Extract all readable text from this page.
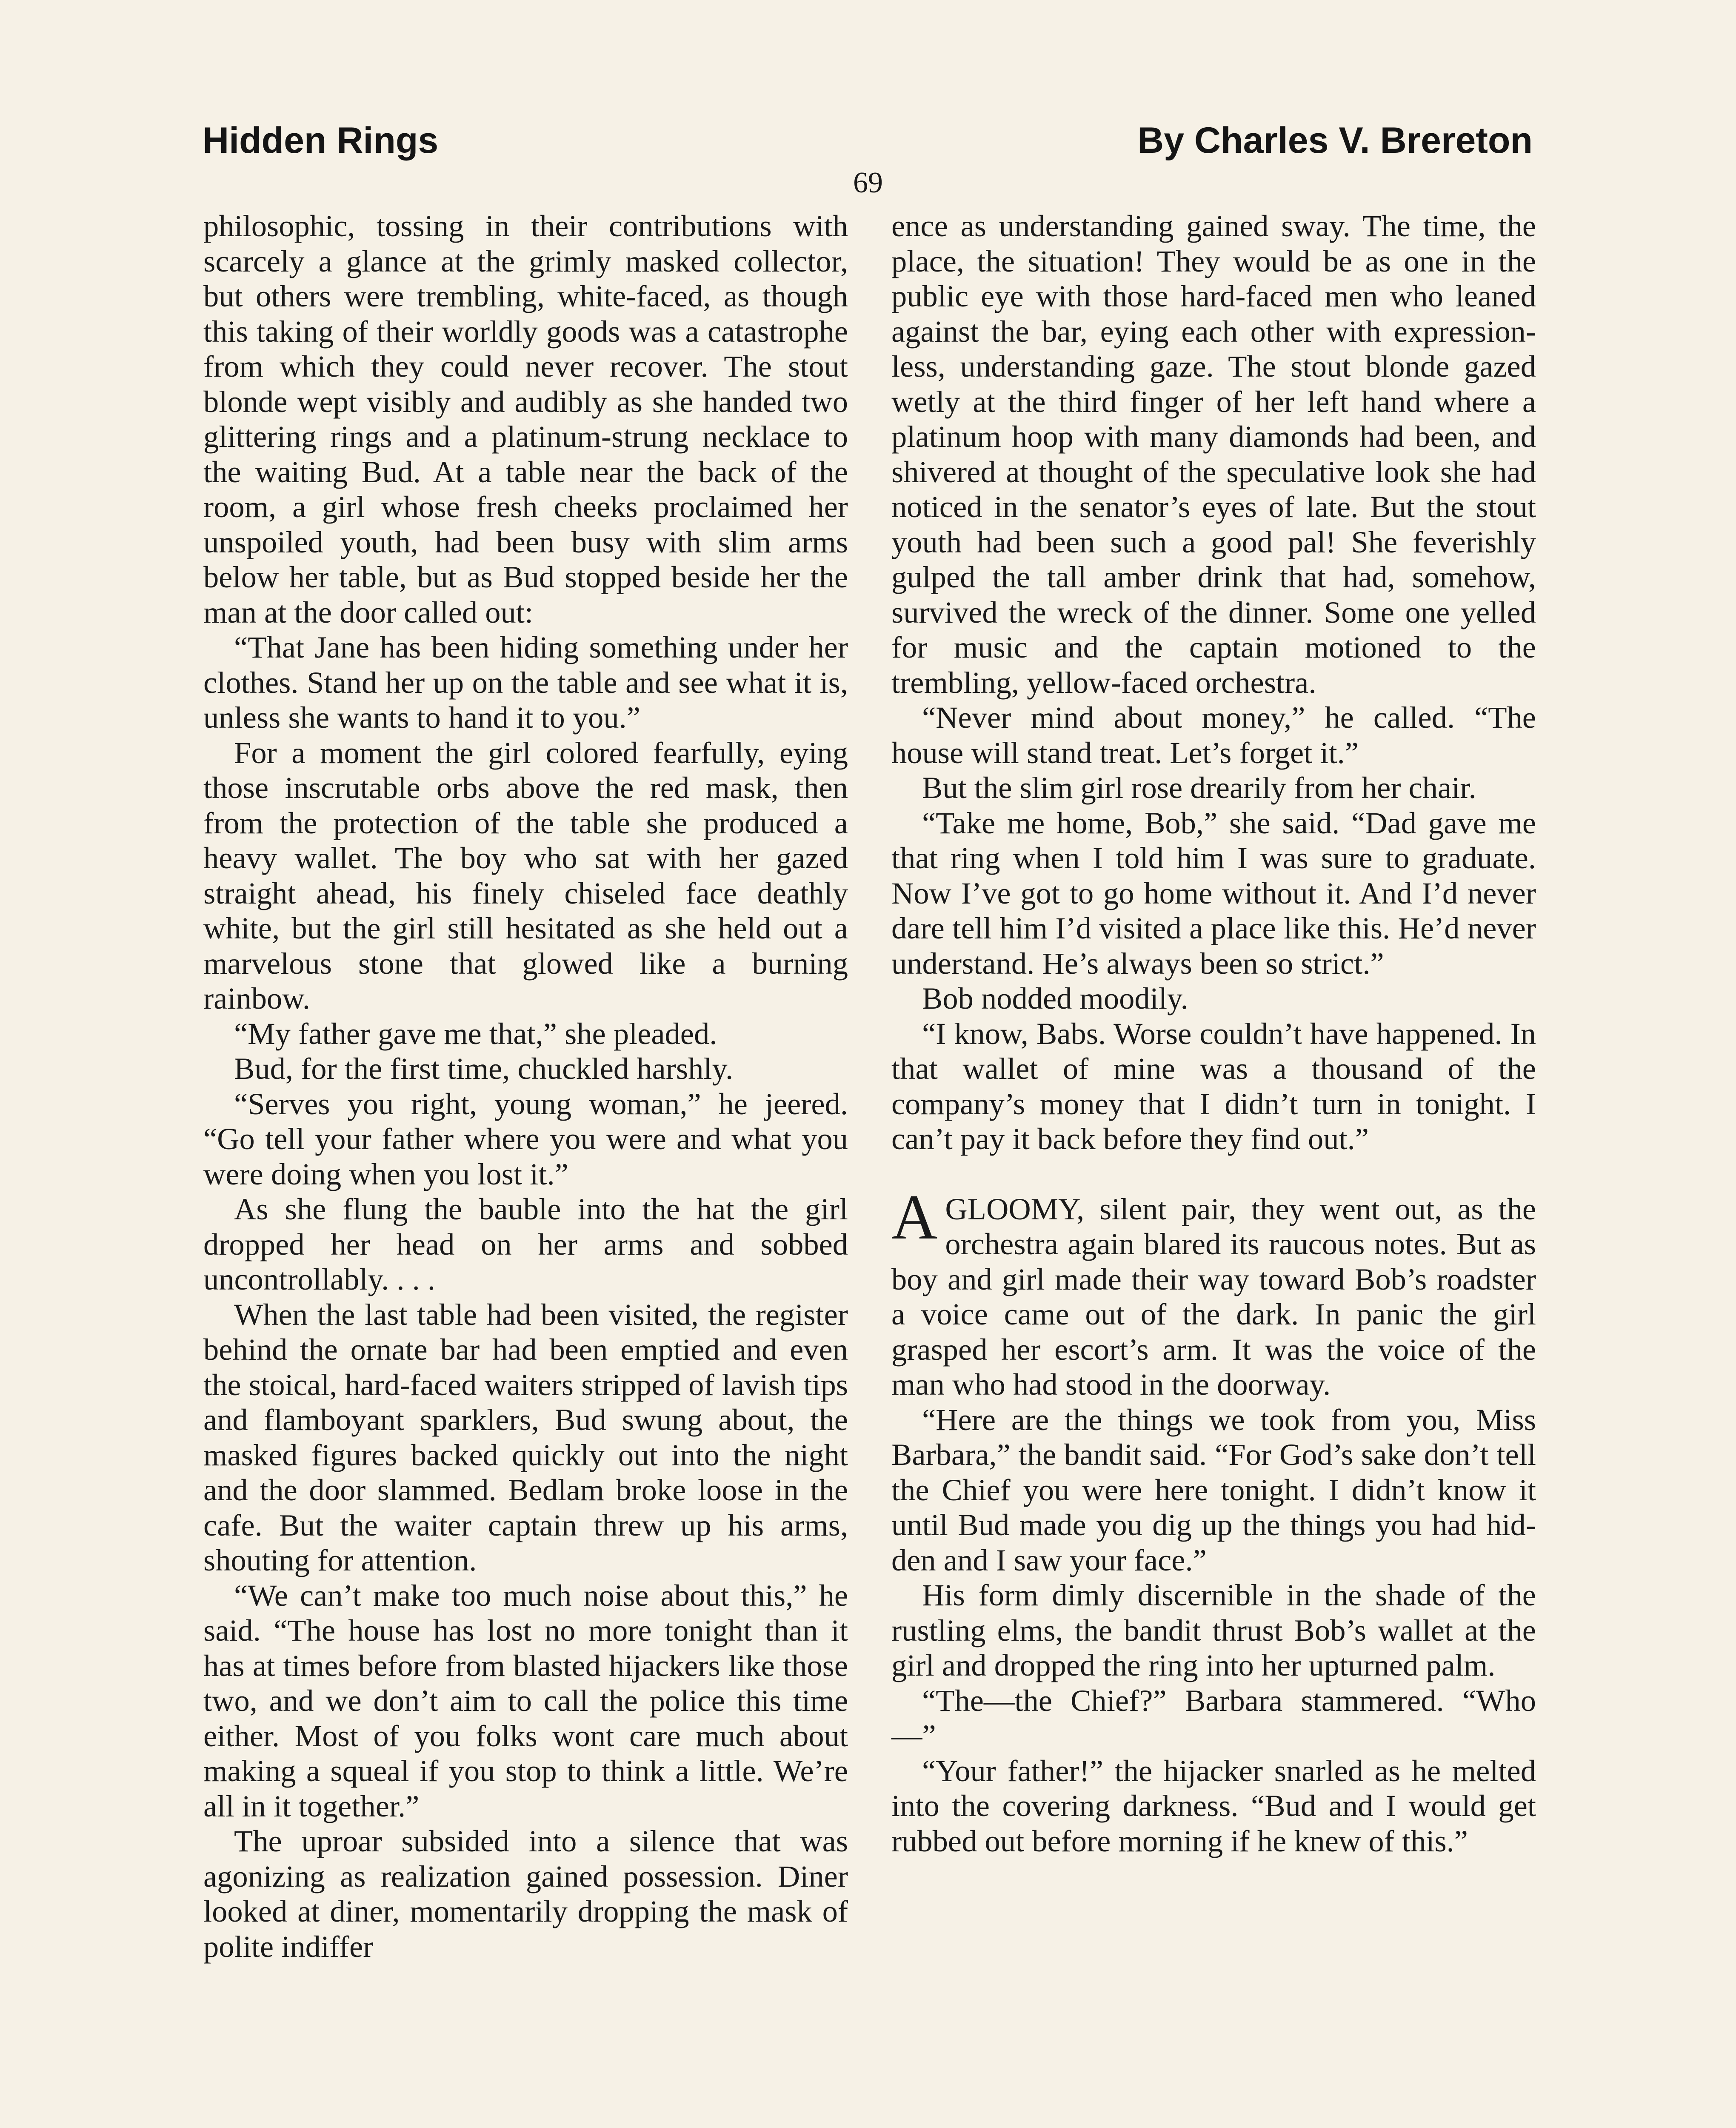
Hidden Rings	By Charles V. Brereton
69

philosophic, tossing in their contributions with scarcely a glance at the grimly masked collector, but others were trembling, white-faced, as though this taking of their worldly goods was a catastrophe from which they could never recover. The stout blonde wept visibly and audibly as she handed two glittering rings and a platinum-strung necklace to the waiting Bud. At a table near the back of the room, a girl whose fresh cheeks proclaimed her unspoiled youth, had been busy with slim arms below her table, but as Bud stopped beside her the man at the door called out:

“That Jane has been hiding something under her clothes. Stand her up on the table and see what it is, unless she wants to hand it to you.”

For a moment the girl colored fearfully, eying those inscrutable orbs above the red mask, then from the protection of the table she produced a heavy wallet. The boy who sat with her gazed straight ahead, his finely chiseled face deathly white, but the girl still hesitated as she held out a marvelous stone that glowed like a burning rainbow.

“My father gave me that,” she pleaded.

Bud, for the first time, chuckled harshly.

“Serves you right, young woman,” he jeered. “Go tell your father where you were and what you were doing when you lost it.”

As she flung the bauble into the hat the girl dropped her head on her arms and sobbed uncontrollably. . . .

When the last table had been visited, the register behind the ornate bar had been emptied and even the stoical, hard-faced waiters stripped of lavish tips and flamboyant sparklers, Bud swung about, the masked figures backed quickly out into the night and the door slammed. Bedlam broke loose in the cafe. But the waiter captain threw up his arms, shouting for attention.

“We can’t make too much noise about this,” he said. “The house has lost no more tonight than it has at times before from blasted hijackers like those two, and we don’t aim to call the police this time either. Most of you folks wont care much about making a squeal if you stop to think a little. We’re all in it together.”

The uproar subsided into a silence that was agonizing as realization gained possession. Diner looked at diner, momentarily dropping the mask of polite indiffer

ence as understanding gained sway. The time, the place, the situation! They would be as one in the public eye with those hard-faced men who leaned against the bar, eying each other with expressionless, understanding gaze. The stout blonde gazed wetly at the third finger of her left hand where a platinum hoop with many diamonds had been, and shivered at thought of the speculative look she had noticed in the senator’s eyes of late. But the stout youth had been such a good pal! She feverishly gulped the tall amber drink that had, somehow, survived the wreck of the dinner. Some one yelled for music and the captain motioned to the trembling, yellow-faced orchestra.

“Never mind about money,” he called. “The house will stand treat. Let’s forget it.”

But the slim girl rose drearily from her chair.

“Take me home, Bob,” she said. “Dad gave me that ring when I told him I was sure to graduate. Now I’ve got to go home without it. And I’d never dare tell him I’d visited a place like this. He’d never understand. He’s always been so strict.”

Bob nodded moodily.

“I know, Babs. Worse couldn’t have happened. In that wallet of mine was a thousand of the company’s money that I didn’t turn in tonight. I can’t pay it back before they find out.”

AGLOOMY, silent pair, they went out, as the orchestra again blared its raucous notes. But as boy and girl made their way toward Bob’s roadster a voice came out of the dark. In panic the girl grasped her escort’s arm. It was the voice of the man who had stood in the doorway.

“Here are the things we took from you, Miss Barbara,” the bandit said. “For God’s sake don’t tell the Chief you were here tonight. I didn’t know it until Bud made you dig up the things you had hidden and I saw your face.”

His form dimly discernible in the shade of the rustling elms, the bandit thrust Bob’s wallet at the girl and dropped the ring into her upturned palm.

“The—the Chief?” Barbara stammered. “Who—”

“Your father!” the hijacker snarled as he melted into the covering darkness. “Bud and I would get rubbed out before morning if he knew of this.”
